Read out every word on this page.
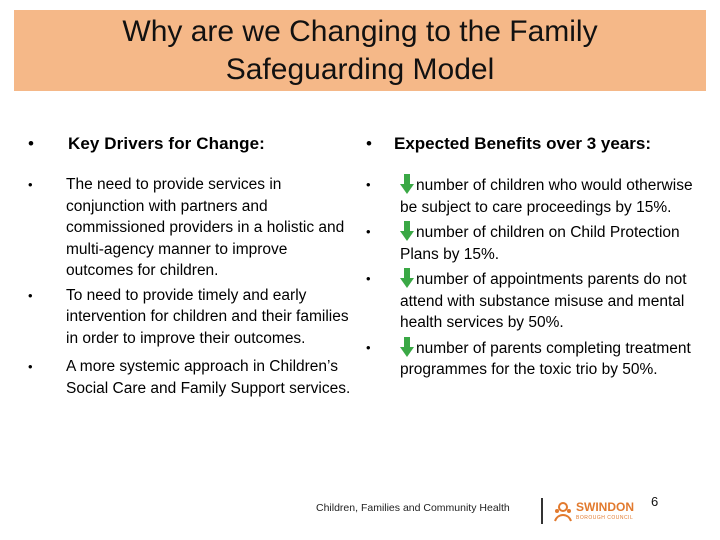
Why are we Changing to the Family
Safeguarding Model
•	Key Drivers for Change:
•	The need to provide services in conjunction with partners and commissioned providers in a holistic and multi-agency manner to improve outcomes for children.
•	To need to provide timely and early intervention for children and their families in order to improve their outcomes.
•	A more systemic approach in Children’s Social Care and Family Support services.
•	Expected Benefits over 3 years:
•	number of children who would otherwise be subject to care proceedings by 15%.
•	number of children on Child Protection Plans by 15%.
•	number of appointments parents do not attend with substance misuse and mental health services by 50%.
•	number of parents completing treatment programmes for the toxic trio by 50%.
Children, Families and Community Health	SWINDON
BOROUGH COUNCIL
6
